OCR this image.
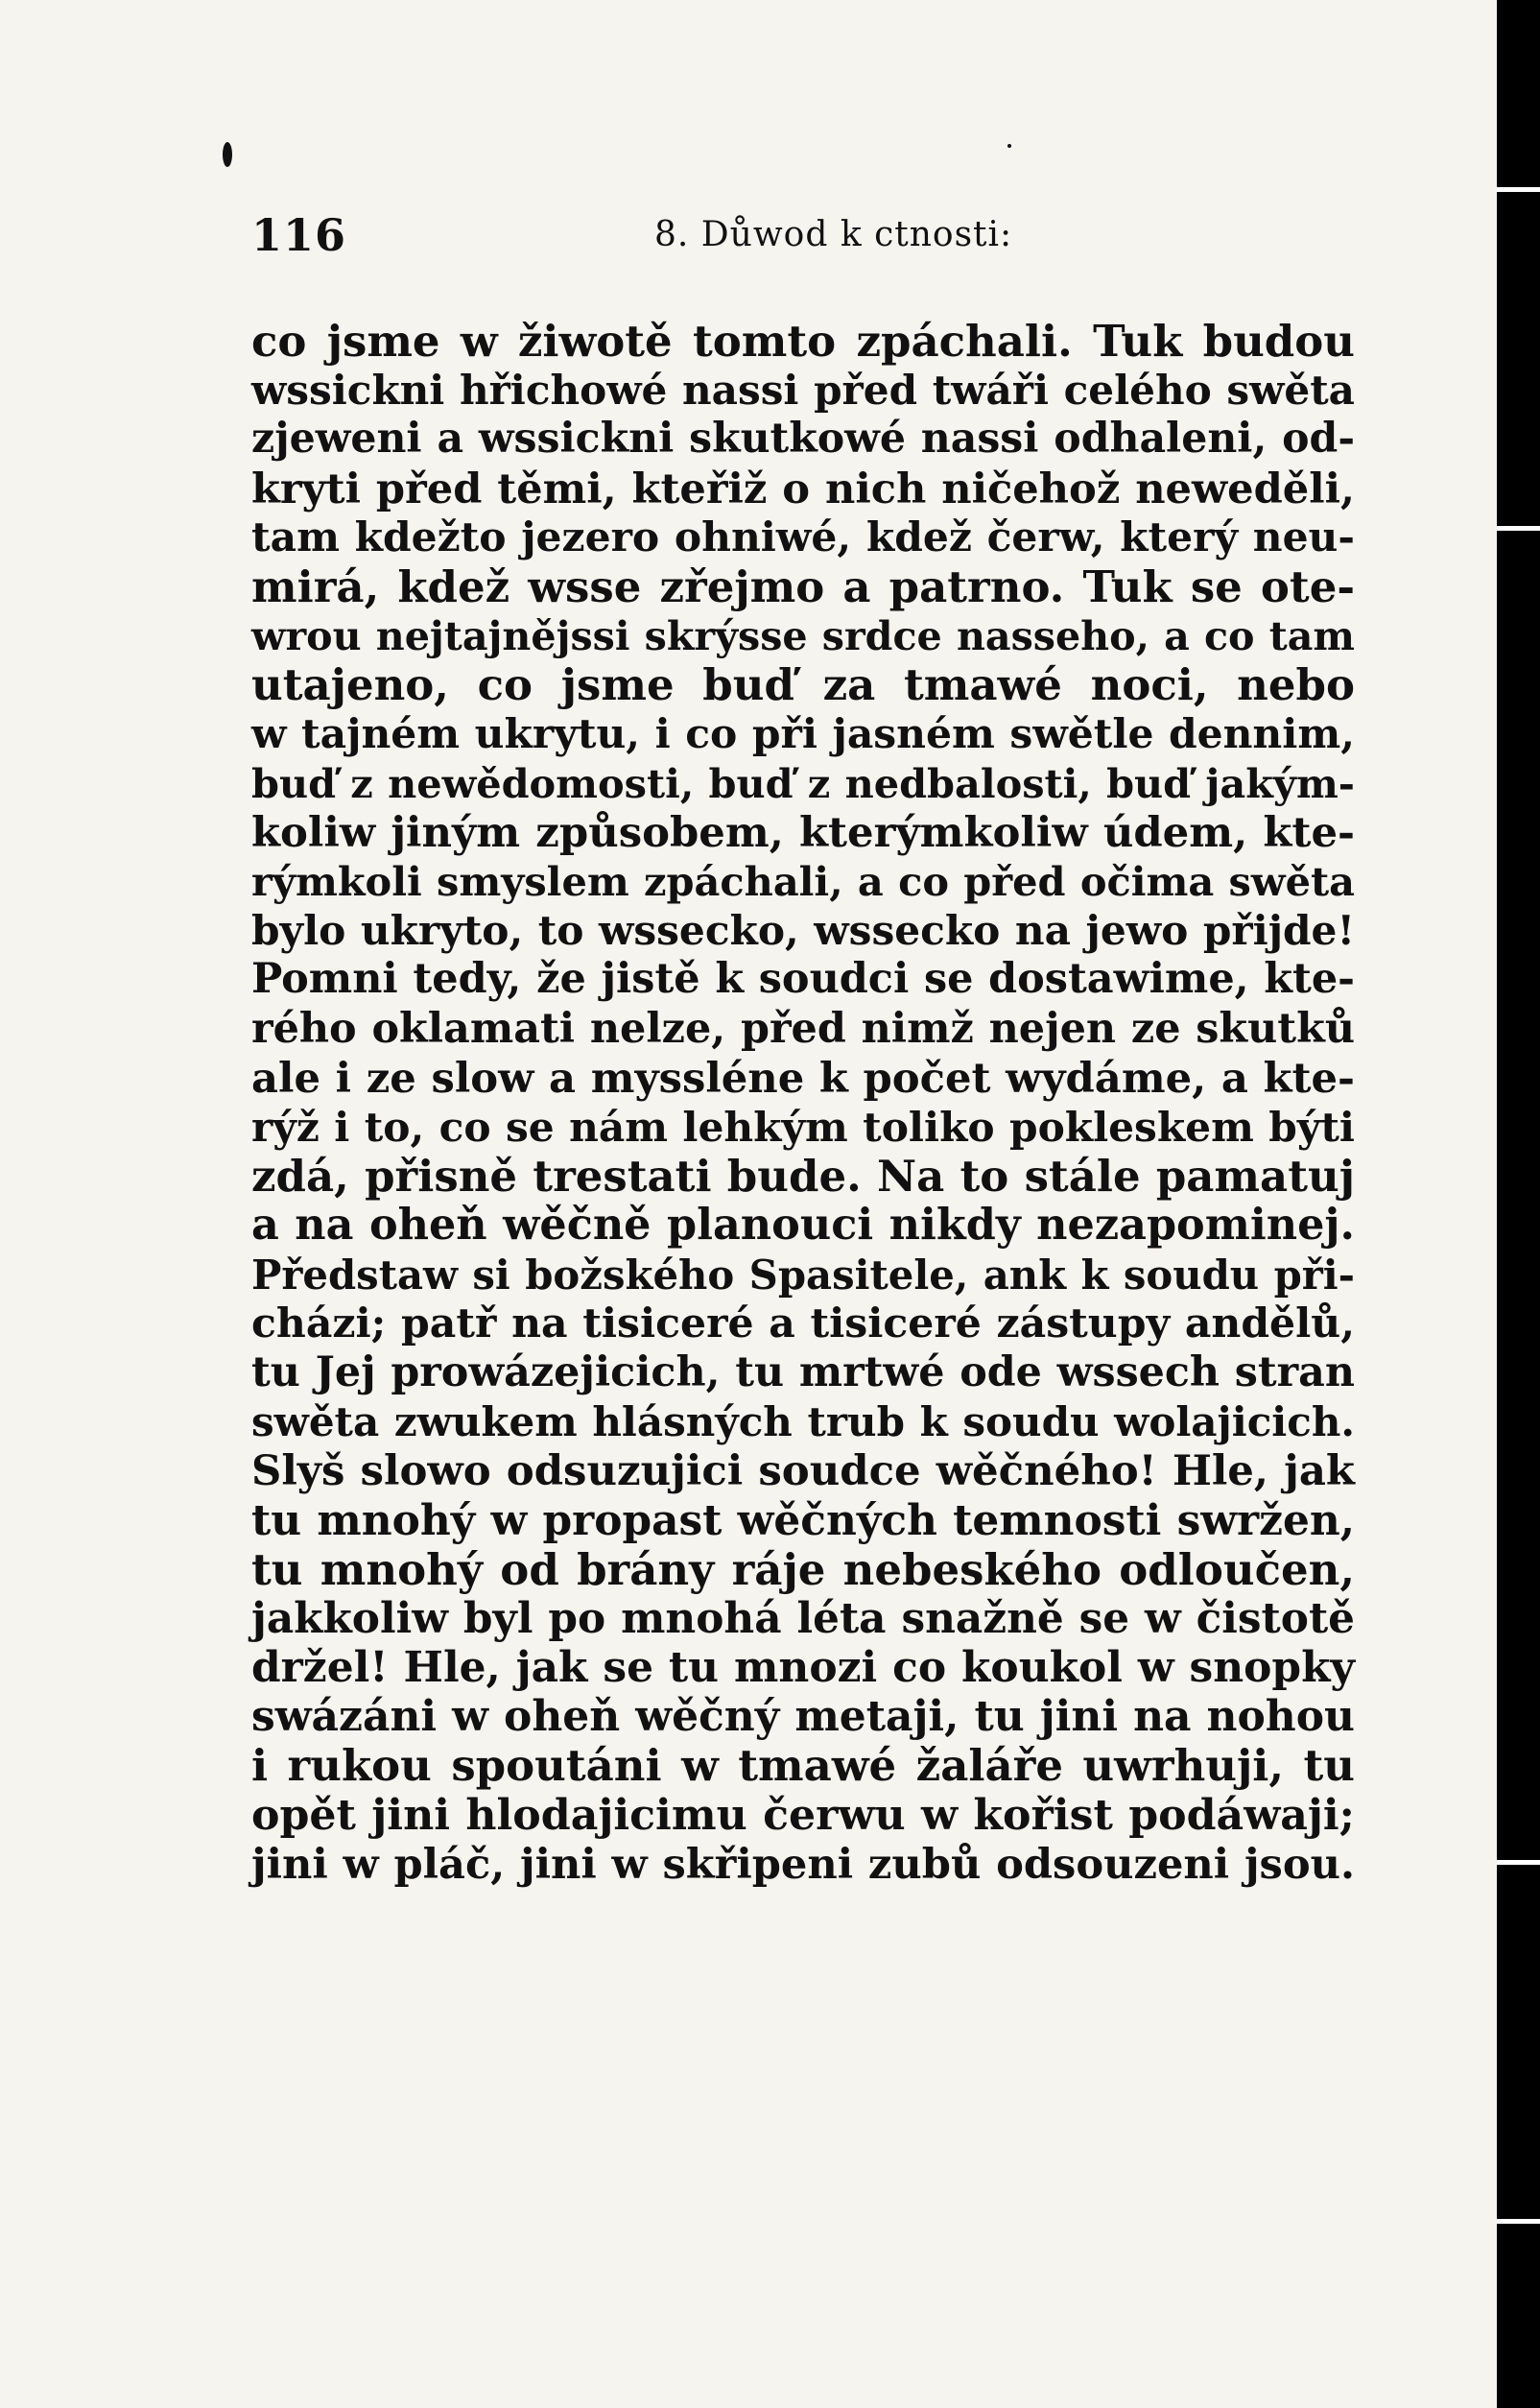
116	8. Důwod k ctnosti:
co jsme w žiwotě tomto zpáchali. Tuk budou
wssickni hřichowé nassi před twáři celého swěta
zjeweni a wssickni skutkowé nassi odhaleni, od-
kryti před těmi, kteřiž o nich ničehož neweděli,
tam kdežto jezero ohniwé, kdež čerw, který neu-
mirá, kdež wsse zřejmo a patrno. Tuk se ote-
wrou nejtajnějssi skrýsse srdce nasseho, a co tam
utajeno, co jsme buď za tmawé noci, nebo
w tajném ukrytu, i co při jasném swětle dennim,
buď z newědomosti, buď z nedbalosti, buď jakým-
koliw jiným způsobem, kterýmkoliw údem, kte-
rýmkoli smyslem zpáchali, a co před očima swěta
bylo ukryto, to wssecko, wssecko na jewo přijde!
Pomni tedy, že jistě k soudci se dostawime, kte-
rého oklamati nelze, před nimž nejen ze skutků
ale i ze slow a myssléne k počet wydáme, a kte-
rýž i to, co se nám lehkým toliko pokleskem býti
zdá, přisně trestati bude. Na to stále pamatuj
a na oheň wěčně planouci nikdy nezapominej.
Předstaw si božského Spasitele, ank k soudu při-
cházi; patř na tisiceré a tisiceré zástupy andělů,
tu Jej prowázejicich, tu mrtwé ode wssech stran
swěta zwukem hlásných trub k soudu wolajicich.
Slyš slowo odsuzujici soudce wěčného! Hle, jak
tu mnohý w propast wěčných temnosti swržen,
tu mnohý od brány ráje nebeského odloučen,
jakkoliw byl po mnohá léta snažně se w čistotě
držel! Hle, jak se tu mnozi co koukol w snopky
swázáni w oheň wěčný metaji, tu jini na nohou
i rukou spoutáni w tmawé žaláře uwrhuji, tu
opět jini hlodajicimu čerwu w kořist podáwaji;
jini w pláč, jini w skřipeni zubů odsouzeni jsou.
